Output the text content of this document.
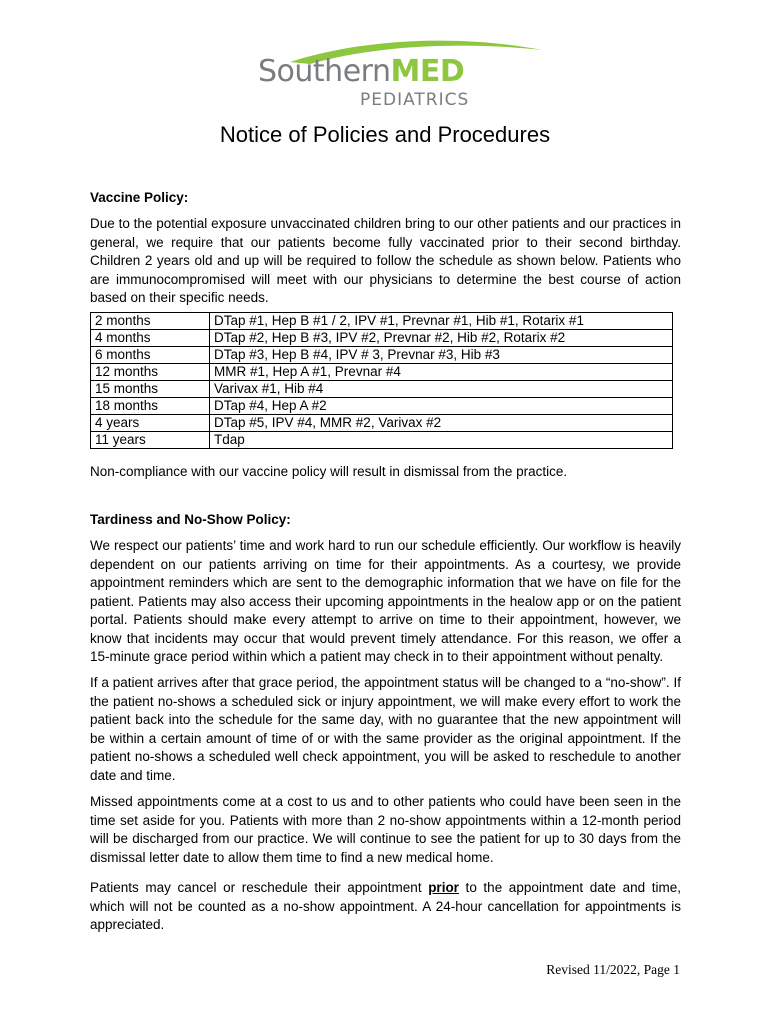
SouthernMED
PEDIATRICS
Notice of Policies and Procedures
Vaccine Policy:
Due to the potential exposure unvaccinated children bring to our other patients and our practices in general, we require that our patients become fully vaccinated prior to their second birthday. Children 2 years old and up will be required to follow the schedule as shown below. Patients who are immunocompromised will meet with our physicians to determine the best course of action based on their specific needs.
2 months	DTap #1, Hep B #1 / 2, IPV #1, Prevnar #1, Hib #1, Rotarix #1
4 months	DTap #2, Hep B #3, IPV #2, Prevnar #2, Hib #2, Rotarix #2
6 months	DTap #3, Hep B #4, IPV # 3, Prevnar #3, Hib #3
12 months	MMR #1, Hep A #1, Prevnar #4
15 months	Varivax #1, Hib #4
18 months	DTap #4, Hep A #2
4 years	DTap #5, IPV #4, MMR #2, Varivax #2
11 years	Tdap
Non-compliance with our vaccine policy will result in dismissal from the practice.
Tardiness and No-Show Policy:
We respect our patients’ time and work hard to run our schedule efficiently. Our workflow is heavily dependent on our patients arriving on time for their appointments. As a courtesy, we provide appointment reminders which are sent to the demographic information that we have on file for the patient. Patients may also access their upcoming appointments in the healow app or on the patient portal. Patients should make every attempt to arrive on time to their appointment, however, we know that incidents may occur that would prevent timely attendance. For this reason, we offer a 15-minute grace period within which a patient may check in to their appointment without penalty.
If a patient arrives after that grace period, the appointment status will be changed to a “no-show”. If the patient no-shows a scheduled sick or injury appointment, we will make every effort to work the patient back into the schedule for the same day, with no guarantee that the new appointment will be within a certain amount of time of or with the same provider as the original appointment. If the patient no-shows a scheduled well check appointment, you will be asked to reschedule to another date and time.
Missed appointments come at a cost to us and to other patients who could have been seen in the time set aside for you. Patients with more than 2 no-show appointments within a 12-month period will be discharged from our practice. We will continue to see the patient for up to 30 days from the dismissal letter date to allow them time to find a new medical home.
Patients may cancel or reschedule their appointment prior to the appointment date and time, which will not be counted as a no-show appointment. A 24-hour cancellation for appointments is appreciated.
Revised 11/2022, Page 1
